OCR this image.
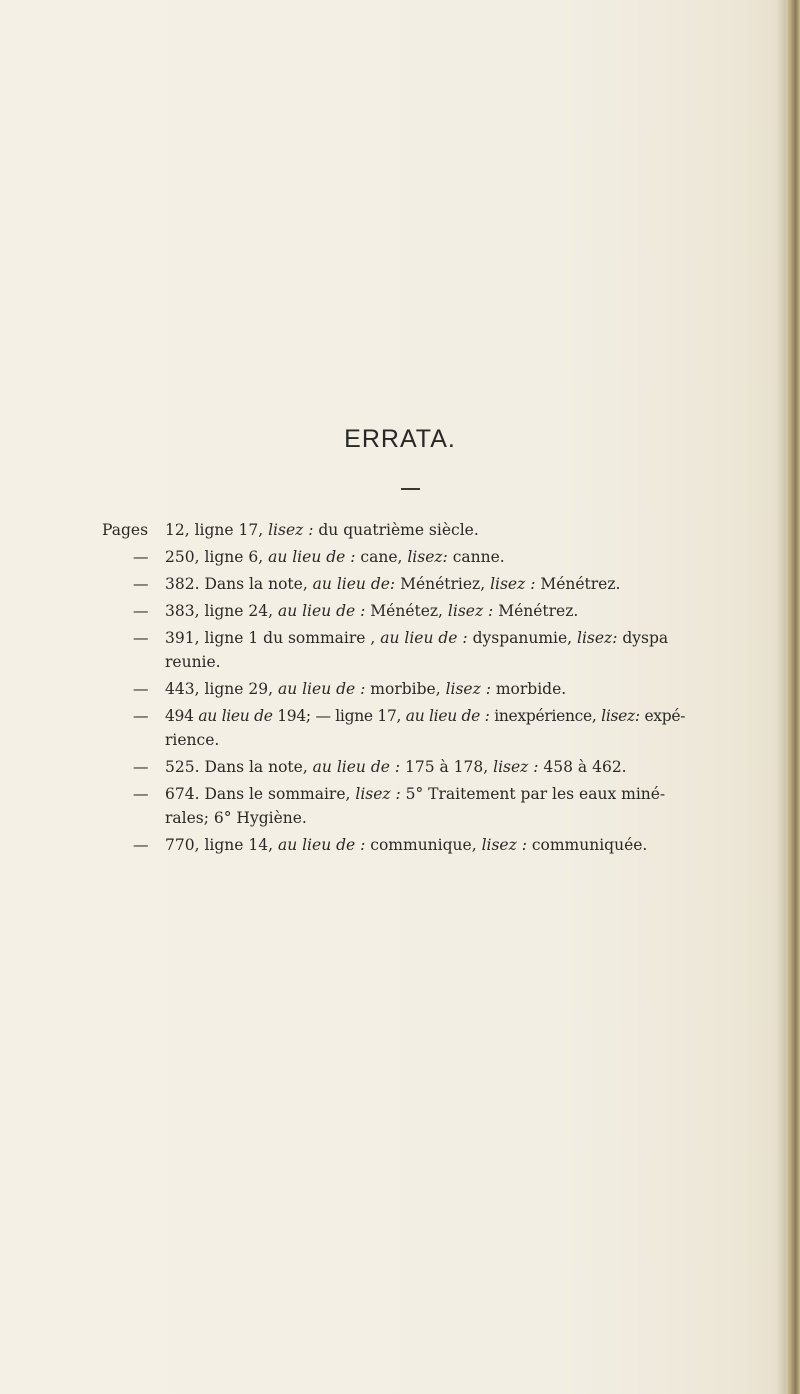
ERRATA.
Pages 12, ligne 17, lisez : du quatrième siècle.
— 250, ligne 6, au lieu de : cane, lisez: canne.
— 382. Dans la note, au lieu de: Ménétriez, lisez : Ménétrez.
— 383, ligne 24, au lieu de : Ménétez, lisez : Ménétrez.
— 391, ligne 1 du sommaire , au lieu de : dyspanumie, lisez: dyspa
reunie.
— 443, ligne 29, au lieu de : morbibe, lisez : morbide.
— 494 au lieu de 194; — ligne 17, au lieu de : inexpérience, lisez: expé-
rience.
— 525. Dans la note, au lieu de : 175 à 178, lisez : 458 à 462.
— 674. Dans le sommaire, lisez : 5° Traitement par les eaux miné-
rales; 6° Hygiène.
— 770, ligne 14, au lieu de : communique, lisez : communiquée.
